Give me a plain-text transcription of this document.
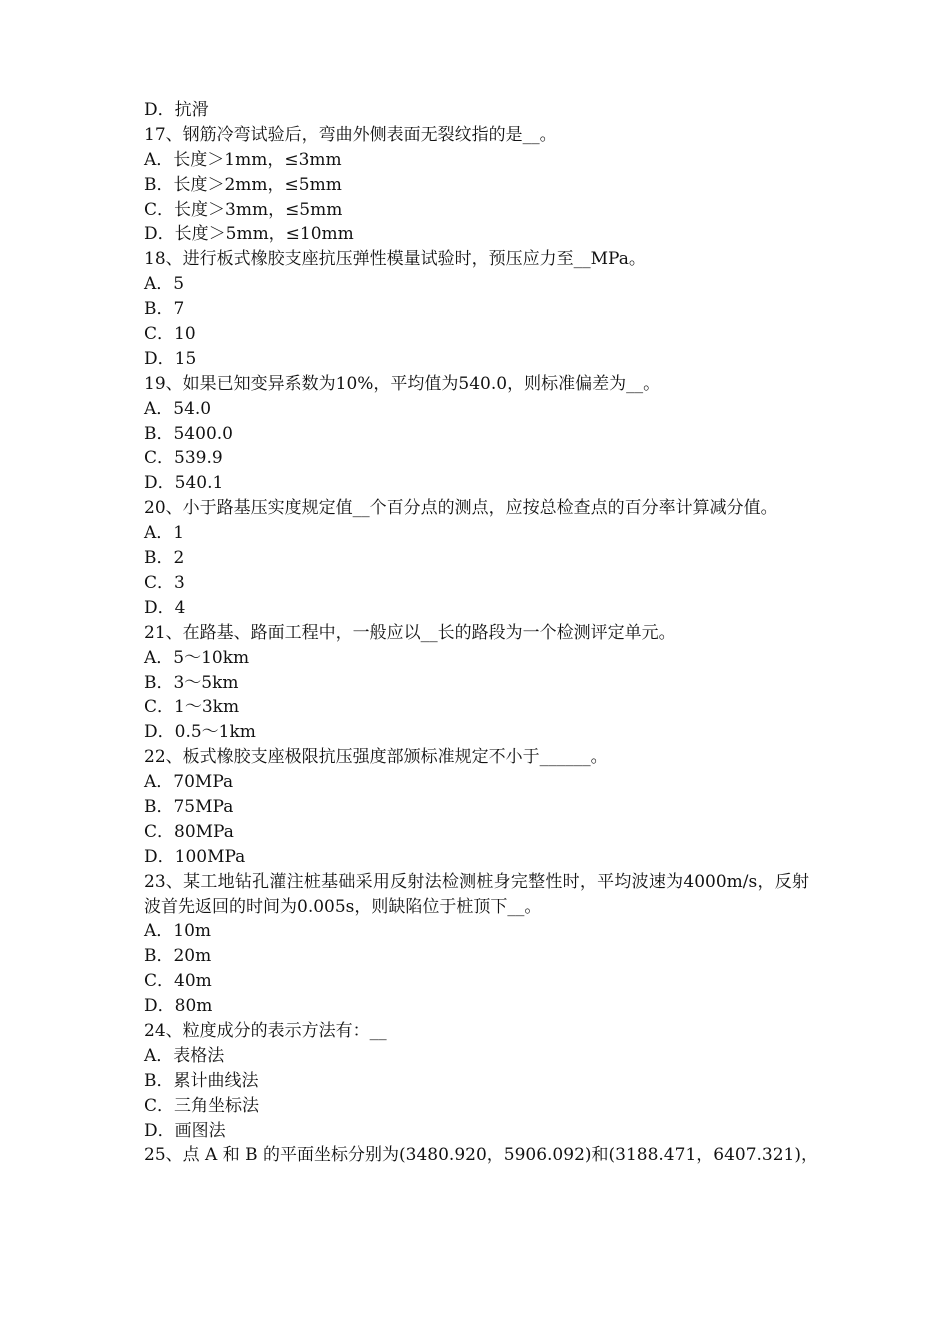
D．抗滑
17、钢筋冷弯试验后，弯曲外侧表面无裂纹指的是__。
A．长度＞1mm，≤3mm
B．长度＞2mm，≤5mm
C．长度＞3mm，≤5mm
D．长度＞5mm，≤10mm
18、进行板式橡胶支座抗压弹性模量试验时，预压应力至__MPa。
A．5
B．7
C．10
D．15
19、如果已知变异系数为10%，平均值为540.0，则标准偏差为__。
A．54.0
B．5400.0
C．539.9
D．540.1
20、小于路基压实度规定值__个百分点的测点，应按总检查点的百分率计算减分值。
A．1
B．2
C．3
D．4
21、在路基、路面工程中，一般应以__长的路段为一个检测评定单元。
A．5～10km
B．3～5km
C．1～3km
D．0.5～1km
22、板式橡胶支座极限抗压强度部颁标准规定不小于______。
A．70MPa
B．75MPa
C．80MPa
D．100MPa
23、某工地钻孔灌注桩基础采用反射法检测桩身完整性时，平均波速为4000m/s，反射波首先返回的时间为0.005s，则缺陷位于桩顶下__。
A．10m
B．20m
C．40m
D．80m
24、粒度成分的表示方法有：__
A．表格法
B．累计曲线法
C．三角坐标法
D．画图法
25、点 A 和 B 的平面坐标分别为(3480.920，5906.092)和(3188.471，6407.321)，
